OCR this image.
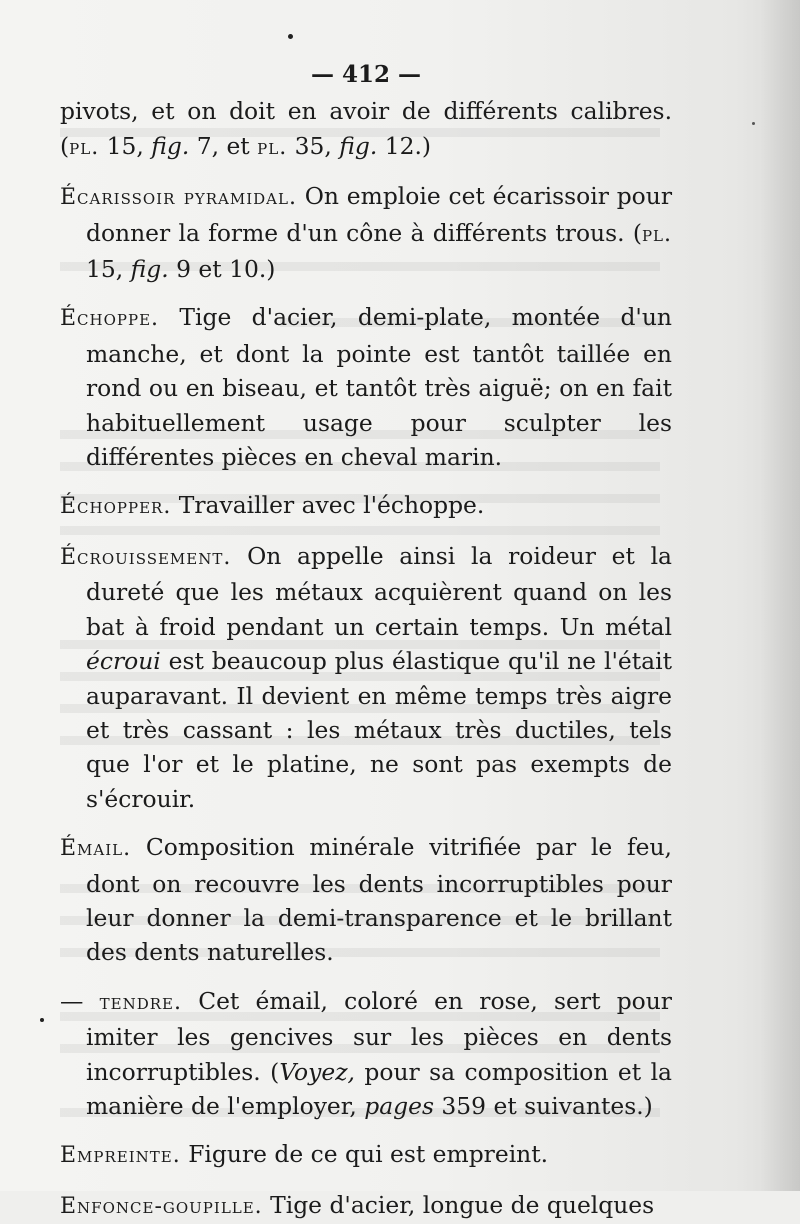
— 412 —

pivots, et on doit en avoir de différents calibres. (pl. 15, fig. 7, et pl. 35, fig. 12.)

Écarissoir pyramidal. On emploie cet écarissoir pour donner la forme d'un cône à différents trous. (pl. 15, fig. 9 et 10.)

Échoppe. Tige d'acier, demi-plate, montée d'un manche, et dont la pointe est tantôt taillée en rond ou en biseau, et tantôt très aiguë; on en fait habituellement usage pour sculpter les différentes pièces en cheval marin.

Échopper. Travailler avec l'échoppe.

Écrouissement. On appelle ainsi la roideur et la dureté que les métaux acquièrent quand on les bat à froid pendant un certain temps. Un métal écroui est beaucoup plus élastique qu'il ne l'était auparavant. Il devient en même temps très aigre et très cassant : les métaux très ductiles, tels que l'or et le platine, ne sont pas exempts de s'écrouir.

Émail. Composition minérale vitrifiée par le feu, dont on recouvre les dents incorruptibles pour leur donner la demi-transparence et le brillant des dents naturelles.

— tendre. Cet émail, coloré en rose, sert pour imiter les gencives sur les pièces en dents incorruptibles. (Voyez, pour sa composition et la manière de l'employer, pages 359 et suivantes.)

Empreinte. Figure de ce qui est empreint.

Enfonce-goupille. Tige d'acier, longue de quelques
